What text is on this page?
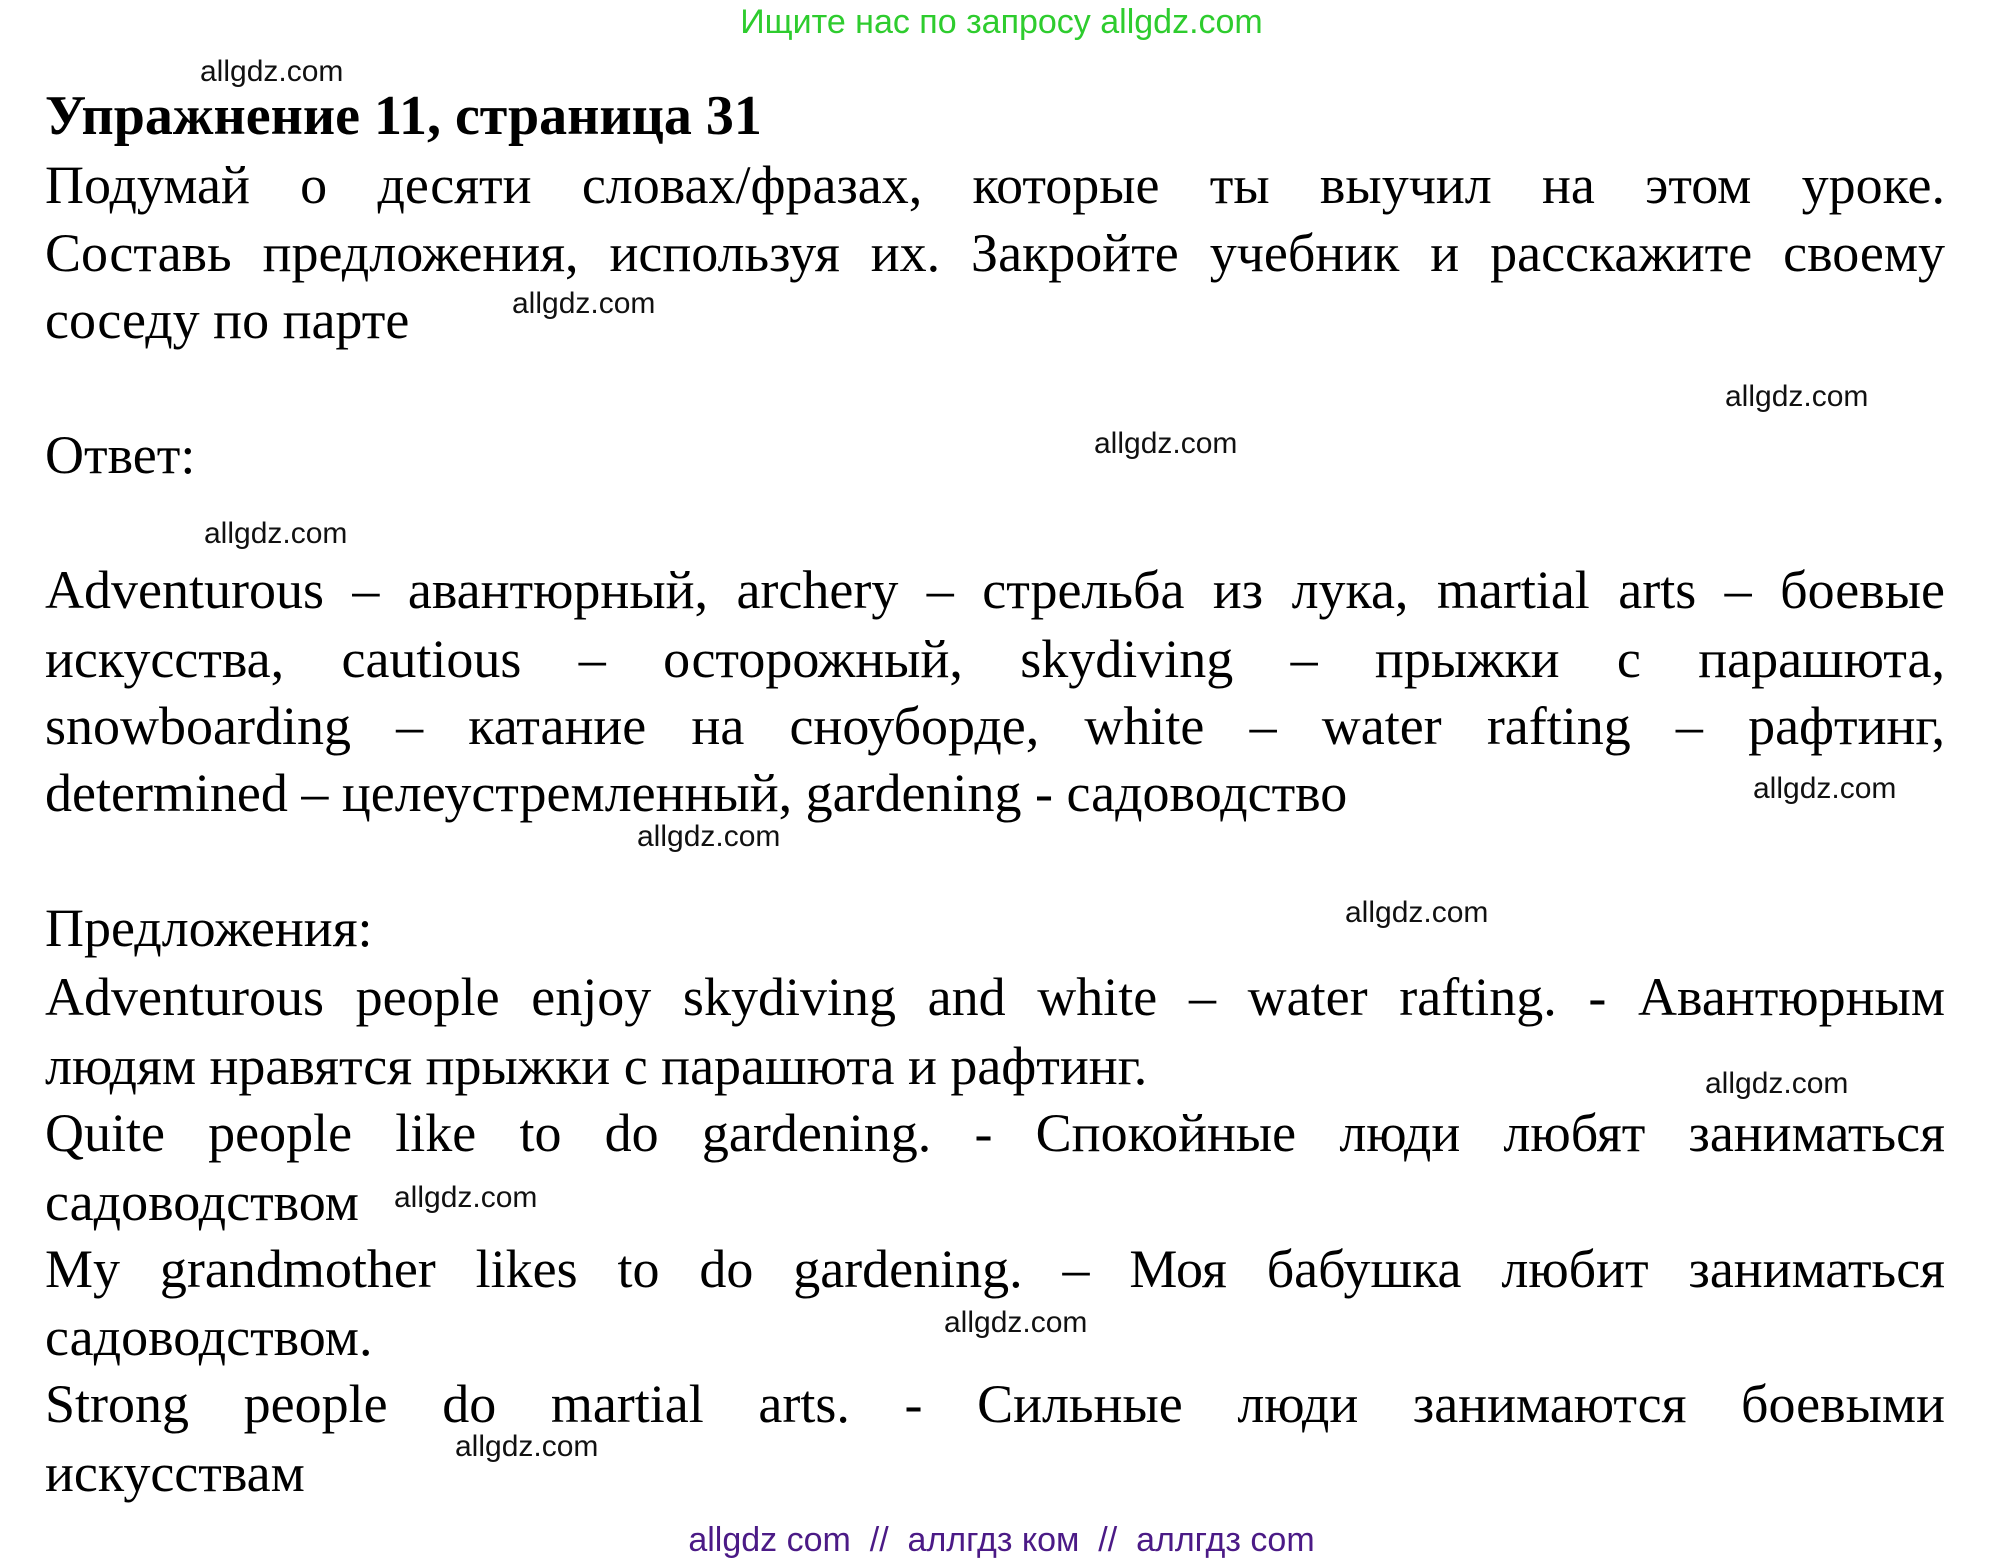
Ищите нас по запросу allgdz.com
Упражнение 11, страница 31
Подумай о десяти словах/фразах, которые ты выучил на этом уроке.
Составь предложения, используя их. Закройте учебник и расскажите своему
соседу по парте
Ответ:
Adventurous – авантюрный, archery – стрельба из лука, martial arts – боевые
искусства, cautious – осторожный, skydiving – прыжки с парашюта,
snowboarding – катание на сноуборде, white – water rafting – рафтинг,
determined – целеустремленный, gardening - садоводство
Предложения:
Adventurous people enjoy skydiving and white – water rafting. - Авантюрным
людям нравятся прыжки с парашюта и рафтинг.
Quite people like to do gardening. - Спокойные люди любят заниматься
садоводством
My grandmother likes to do gardening. – Моя бабушка любит заниматься
садоводством.
Strong people do martial arts. - Сильные люди занимаются боевыми
искусствам
allgdz.com
allgdz.com
allgdz.com
allgdz.com
allgdz.com
allgdz.com
allgdz.com
allgdz.com
allgdz.com
allgdz.com
allgdz.com
allgdz.com
allgdz com  //  аллгдз ком  //  аллгдз com
